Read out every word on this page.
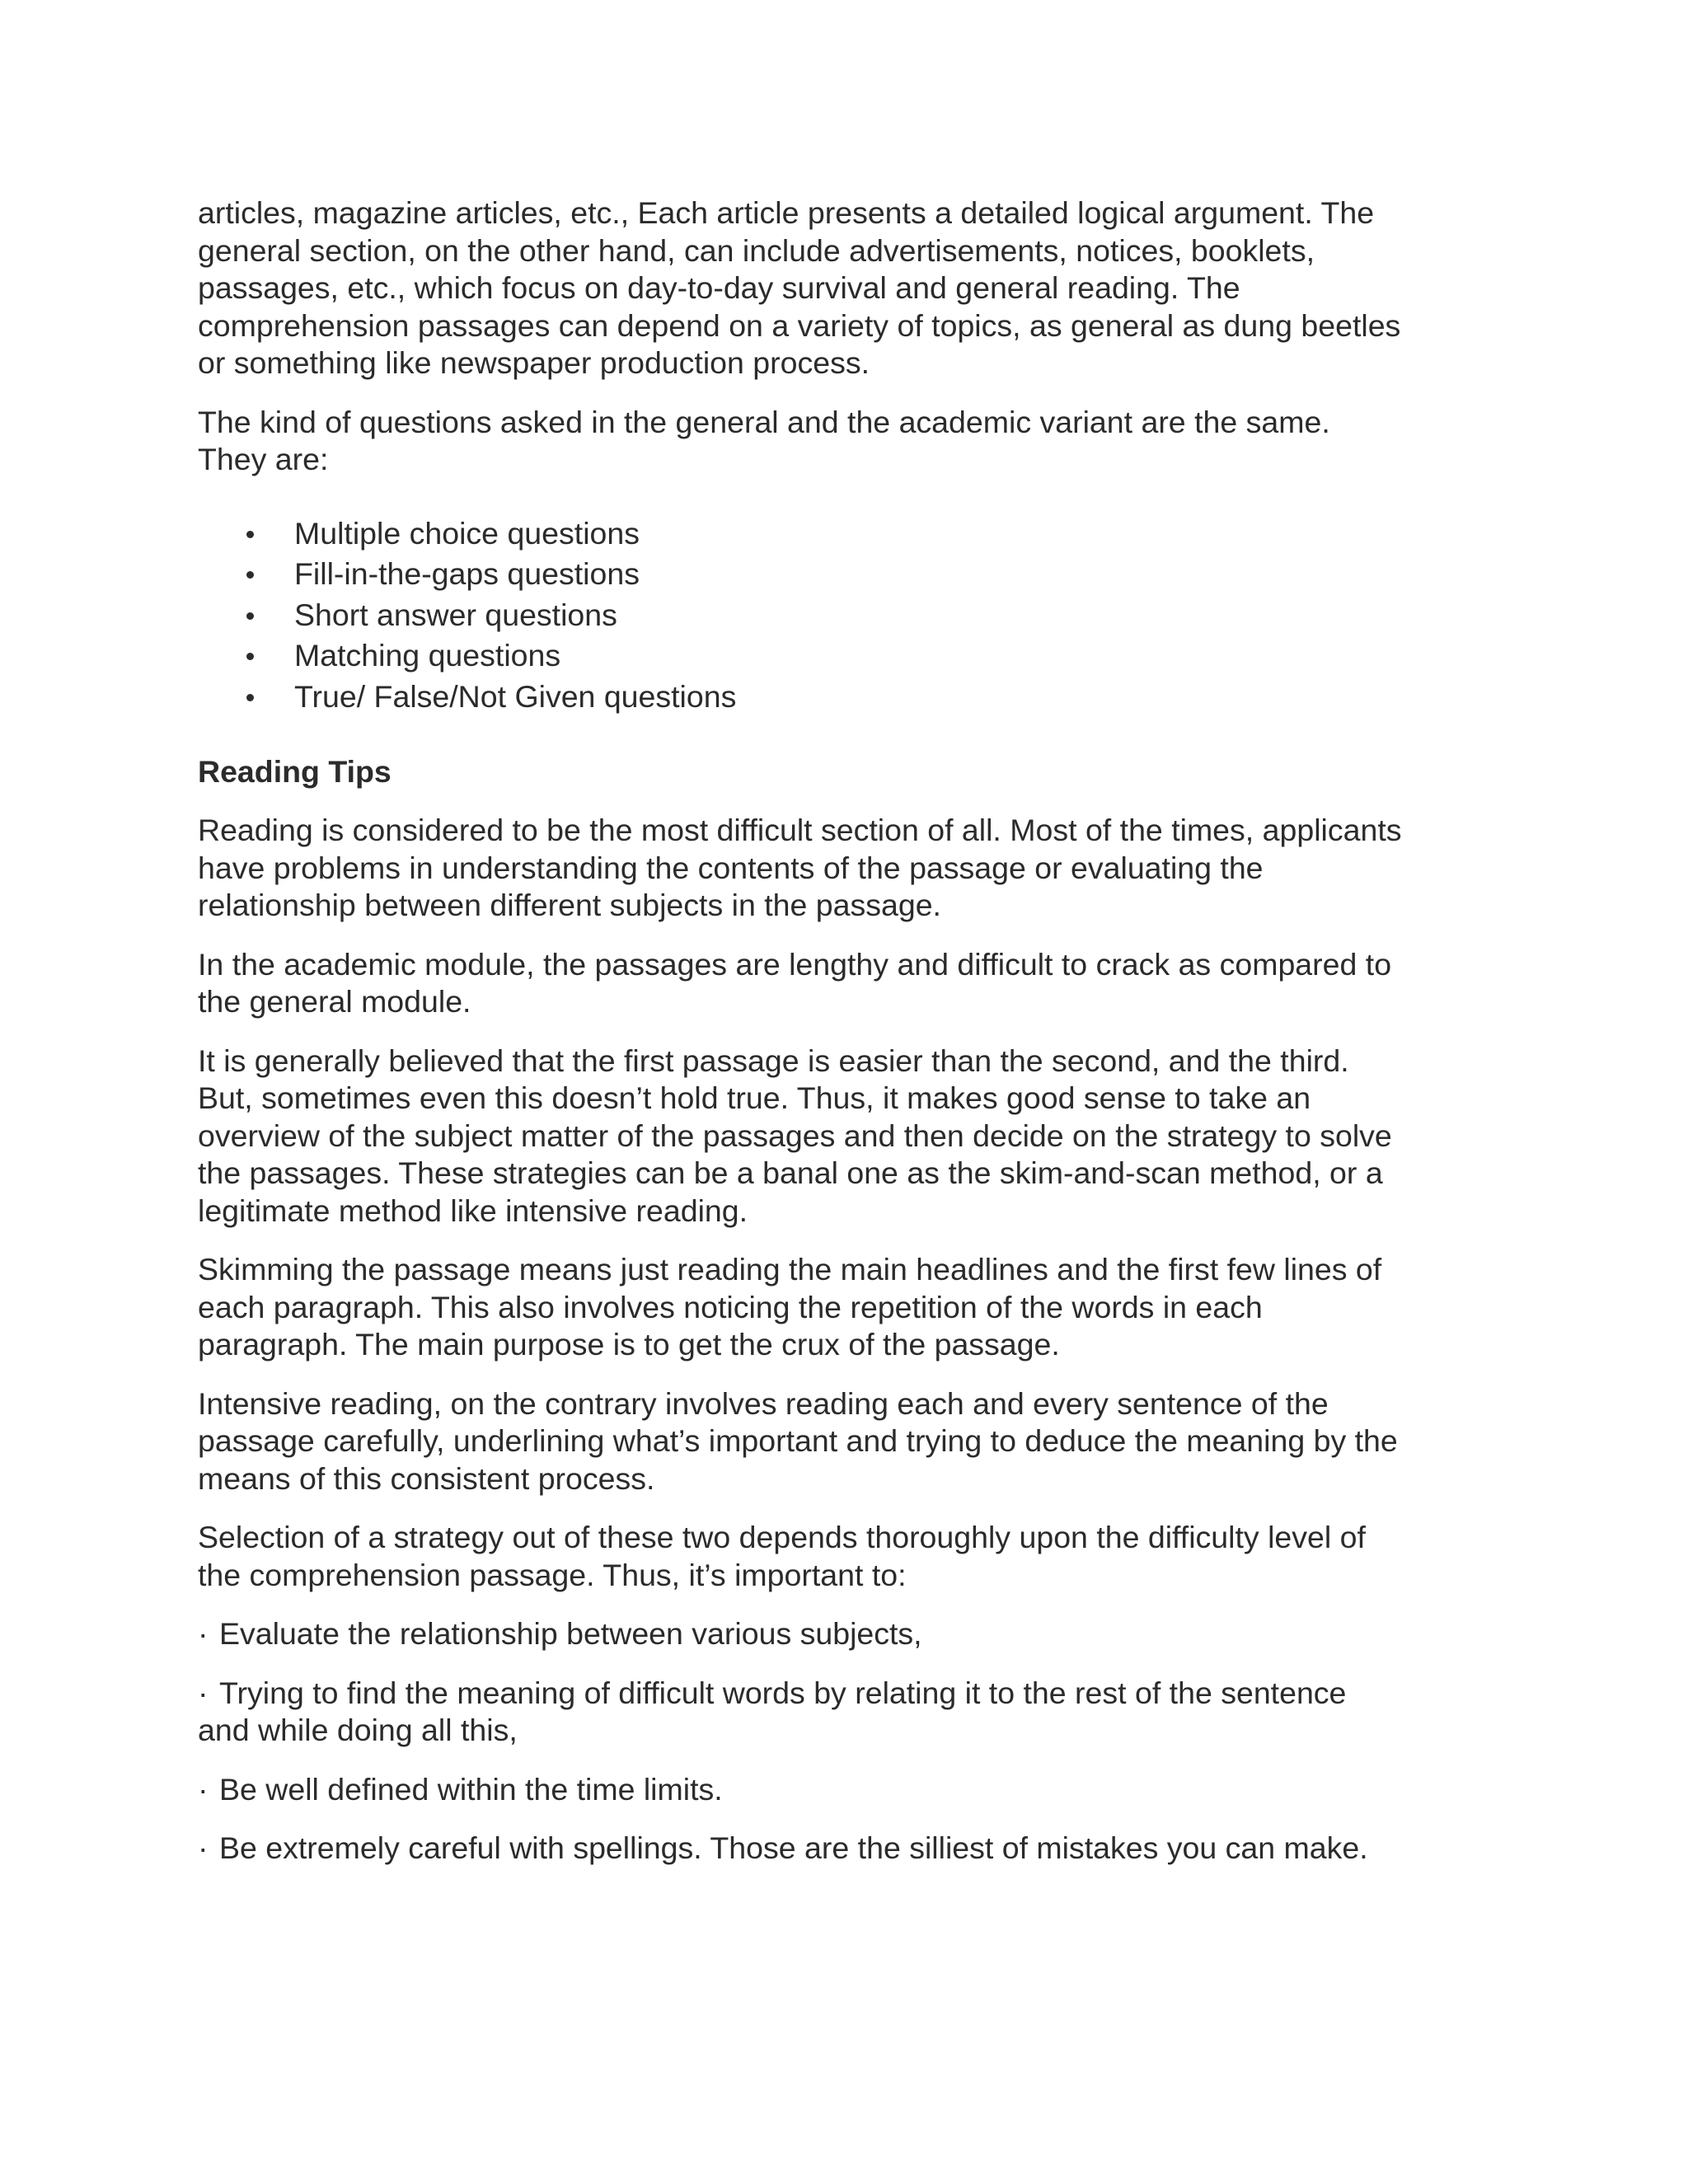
articles, magazine articles, etc., Each article presents a detailed logical argument. The
general section, on the other hand, can include advertisements, notices, booklets,
passages, etc., which focus on day-to-day survival and general reading. The
comprehension passages can depend on a variety of topics, as general as dung beetles
or something like newspaper production process.

The kind of questions asked in the general and the academic variant are the same.
They are:

Multiple choice questions
Fill-in-the-gaps questions
Short answer questions
Matching questions
True/ False/Not Given questions

Reading Tips

Reading is considered to be the most difficult section of all. Most of the times, applicants
have problems in understanding the contents of the passage or evaluating the
relationship between different subjects in the passage.

In the academic module, the passages are lengthy and difficult to crack as compared to
the general module.

It is generally believed that the first passage is easier than the second, and the third.
But, sometimes even this doesn’t hold true. Thus, it makes good sense to take an
overview of the subject matter of the passages and then decide on the strategy to solve
the passages. These strategies can be a banal one as the skim-and-scan method, or a
legitimate method like intensive reading.

Skimming the passage means just reading the main headlines and the first few lines of
each paragraph. This also involves noticing the repetition of the words in each
paragraph. The main purpose is to get the crux of the passage.

Intensive reading, on the contrary involves reading each and every sentence of the
passage carefully, underlining what’s important and trying to deduce the meaning by the
means of this consistent process.

Selection of a strategy out of these two depends thoroughly upon the difficulty level of
the comprehension passage. Thus, it’s important to:

· Evaluate the relationship between various subjects,

· Trying to find the meaning of difficult words by relating it to the rest of the sentence
and while doing all this,

· Be well defined within the time limits.

· Be extremely careful with spellings. Those are the silliest of mistakes you can make.
